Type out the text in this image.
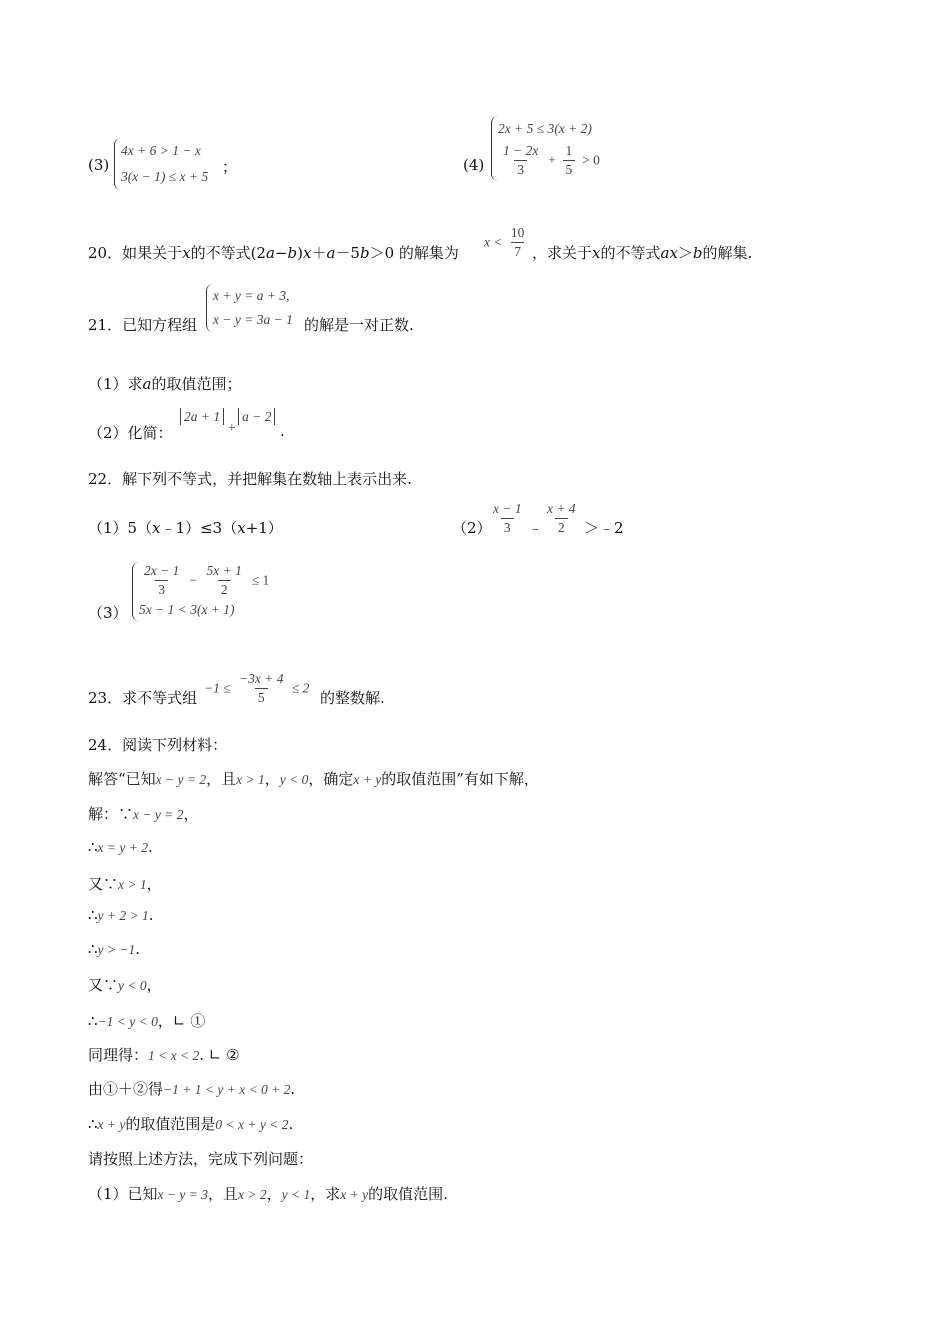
(3)
4x + 6 > 1 − x
3(x − 1) ≤ x + 5
；	(4)
2x + 5 ≤ 3(x + 2)
$\frac{1 - 2x}{3} + \frac{1}{5} > 0$
20．如果关于x的不等式(2a−b)x＋a－5b＞0 的解集为
$x < \frac{10}{7}$ ，求关于x的不等式ax＞b的解集.
21．已知方程组
x + y = a + 3,
x − y = 3a − 1 的解是一对正数.
（1）求a的取值范围；
（2）化简：
2a + 1
+
a − 2
.
22．解下列不等式，并把解集在数轴上表示出来.
（1）5（x﹣1）≤3（x+1）	（2）
$\frac{x - 1}{3}$ ﹣ $\frac{x + 4}{2}$ ＞﹣2
（3）
$\frac{2x - 1}{3} - \frac{5x + 1}{2} \le 1$
5x − 1 < 3(x + 1)
23．求不等式组
$-1 \le \frac{-3x + 4}{5} \le 2$
的整数解.
24．阅读下列材料：
解答“已知x − y = 2，且x > 1，y < 0，确定x + y的取值范围”有如下解，
解：∵x − y = 2，
∴x = y + 2.
又∵x > 1，
∴y + 2 > 1.
∴y > −1.
又∵y < 0，
∴−1 < y < 0，∟ ①
同理得：1 < x < 2. ∟ ②
由①＋②得−1 + 1 < y + x < 0 + 2.
∴x + y的取值范围是0 < x + y < 2.
请按照上述方法，完成下列问题：
（1）已知x − y = 3，且x > 2，y < 1，求x + y的取值范围.
